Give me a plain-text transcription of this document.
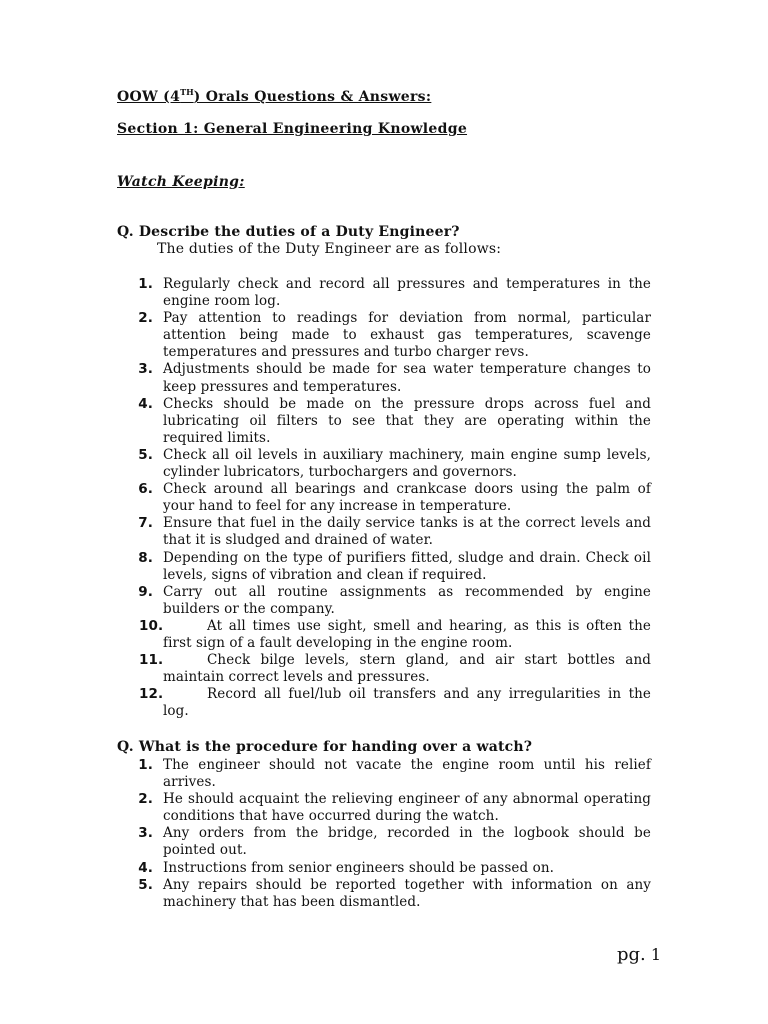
OOW (4TH) Orals Questions & Answers:
Section 1: General Engineering Knowledge
Watch Keeping:
Q. Describe the duties of a Duty Engineer?
The duties of the Duty Engineer are as follows:
1. Regularly check and record all pressures and temperatures in the engine room log.
2. Pay attention to readings for deviation from normal, particular attention being made to exhaust gas temperatures, scavenge temperatures and pressures and turbo charger revs.
3. Adjustments should be made for sea water temperature changes to keep pressures and temperatures.
4. Checks should be made on the pressure drops across fuel and lubricating oil filters to see that they are operating within the required limits.
5. Check all oil levels in auxiliary machinery, main engine sump levels, cylinder lubricators, turbochargers and governors.
6. Check around all bearings and crankcase doors using the palm of your hand to feel for any increase in temperature.
7. Ensure that fuel in the daily service tanks is at the correct levels and that it is sludged and drained of water.
8. Depending on the type of purifiers fitted, sludge and drain. Check oil levels, signs of vibration and clean if required.
9. Carry out all routine assignments as recommended by engine builders or the company.
10.	At all times use sight, smell and hearing, as this is often the first sign of a fault developing in the engine room.
11.	Check bilge levels, stern gland, and air start bottles and maintain correct levels and pressures.
12.	Record all fuel/lub oil transfers and any irregularities in the log.
Q. What is the procedure for handing over a watch?
1. The engineer should not vacate the engine room until his relief arrives.
2. He should acquaint the relieving engineer of any abnormal operating conditions that have occurred during the watch.
3. Any orders from the bridge, recorded in the logbook should be pointed out.
4. Instructions from senior engineers should be passed on.
5. Any repairs should be reported together with information on any machinery that has been dismantled.
pg. 1
